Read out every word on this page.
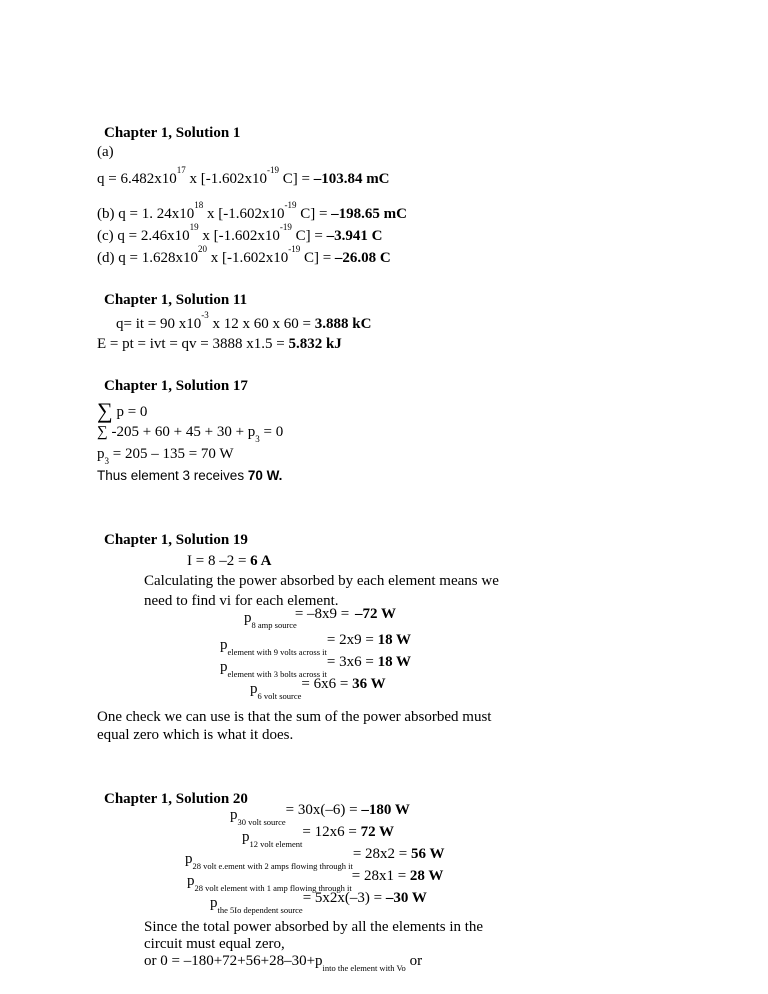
Chapter 1, Solution 1
(a)
$q = 6.482x10^{17}$ x [$-1.602x10^{-19}$ C] = –103.84 mC
(b) q = 1. $24x10^{18}$ x [$-1.602x10^{-19}$ C] = –198.65 mC
(c) $q = 2.46x10^{19}$ x [$-1.602x10^{-19}$ C] = –3.941 C
(d) $q = 1.628x10^{20}$ x [$-1.602x10^{-19}$ C] = –26.08 C
Chapter 1, Solution 11
q= it = 90 $x10^{-3}$ x 12 x 60 x 60 = 3.888 kC
E = pt = ivt = qv = 3888 x1.5 = 5.832 kJ
Chapter 1, Solution 17
∑ p = 0
∑ $-205 + 60 + 45 + 30 + p_3 = 0$
$p_3 = 205 - 135 = 70$ W
Thus element 3 receives 70 W.
Chapter 1, Solution 19
I = 8 –2 = 6 A
Calculating the power absorbed by each element means we
need to find vi for each element.
$p_{8 amp source}= -8x9 = -72$ W
$p_{element with 9 volts across it}= 2x9 = 18$ W
$p_{element with 3 bolts across it}= 3x6 = 18$ W
$p_{6 volt source}= 6x6 = 36$ W
One check we can use is that the sum of the power absorbed must
equal zero which is what it does.
Chapter 1, Solution 20
$p_{30 volt source}= 30x(-6) = -180$ W
$p_{12 volt element}= 12x6 = 72$ W
$p_{28 volt e.ement with 2 amps flowing through it}= 28x2 = 56$ W
$p_{28 volt element with 1 amp flowing through it}= 28x1 = 28$ W
$p_{the 5Io dependent source}= 5x2x(-3) = -30$ W
Since the total power absorbed by all the elements in the
circuit must equal zero,
or $0 = -180+72+56+28-30+p_{into the element with Vo}$ or
